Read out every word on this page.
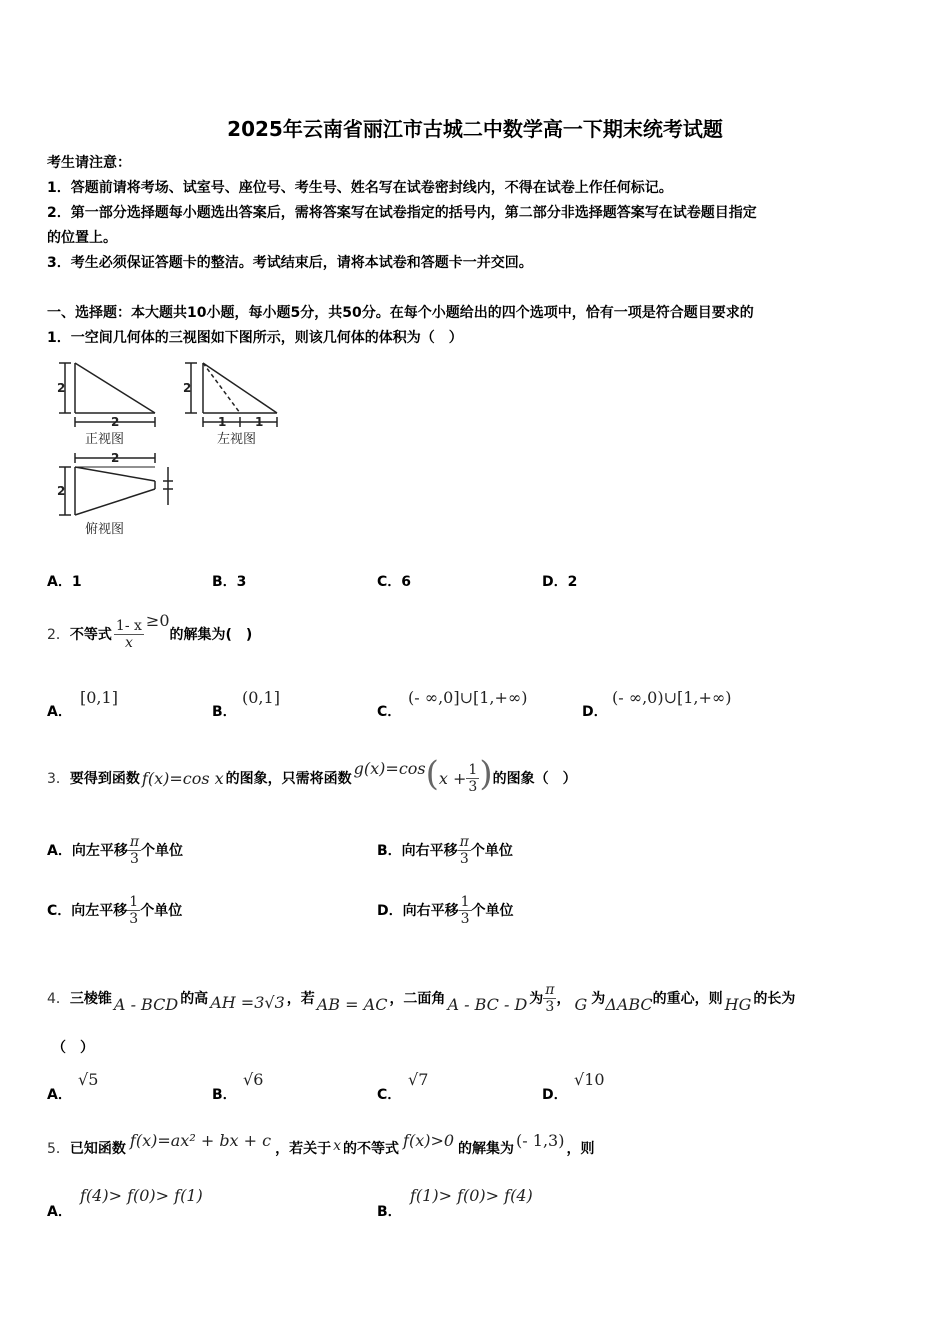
2025年云南省丽江市古城二中数学高一下期末统考试题
考生请注意：
1．答题前请将考场、试室号、座位号、考生号、姓名写在试卷密封线内，不得在试卷上作任何标记。
2．第一部分选择题每小题选出答案后，需将答案写在试卷指定的括号内，第二部分非选择题答案写在试卷题目指定
的位置上。
3．考生必须保证答题卡的整洁。考试结束后，请将本试卷和答题卡一并交回。
一、选择题：本大题共10小题，每小题5分，共50分。在每个小题给出的四个选项中，恰有一项是符合题目要求的
1．一空间几何体的三视图如下图所示，则该几何体的体积为（　）
2
2
2
1 1
2
2
正视图	左视图
俯视图
A．1	B．3	C．6	D．2
2． 不等式 $\frac{1- x}{x} \ge 0$
的解集为(　)
A．
[0,1]
B．
(0,1]
C．
(- ∞,0]∪[1,+∞)
D．
(- ∞,0)∪[1,+∞)
3． 要得到函数 f(x)=cos x 的图象，只需将函数
g(x)=cos ( $x + \frac{1}{3}$ ) 的图象（　）
A． 向左平移 $\frac{\pi}{3}$ 个单位	B． 向右平移 $\frac{\pi}{3}$ 个单位
C． 向左平移 $\frac{1}{3}$ 个单位	D． 向右平移 $\frac{1}{3}$ 个单位
4． 三棱锥 A - BCD 的高 AH =3√3 ，若 AB = AC ，二面角 A - BC - D 为 $\frac{\pi}{3}$ ， G 为 ΔABC 的重心，则 HG 的长为
（　）
A．
√5
B．
√6
C．
√7
D．
√10
5． 已知函数 f(x)=ax² + bx + c ，若关于 x 的不等式 f(x)>0 的解集为 (- 1,3) ，则
A．
f(4)> f(0)> f(1)
B．
f(1)> f(0)> f(4)
